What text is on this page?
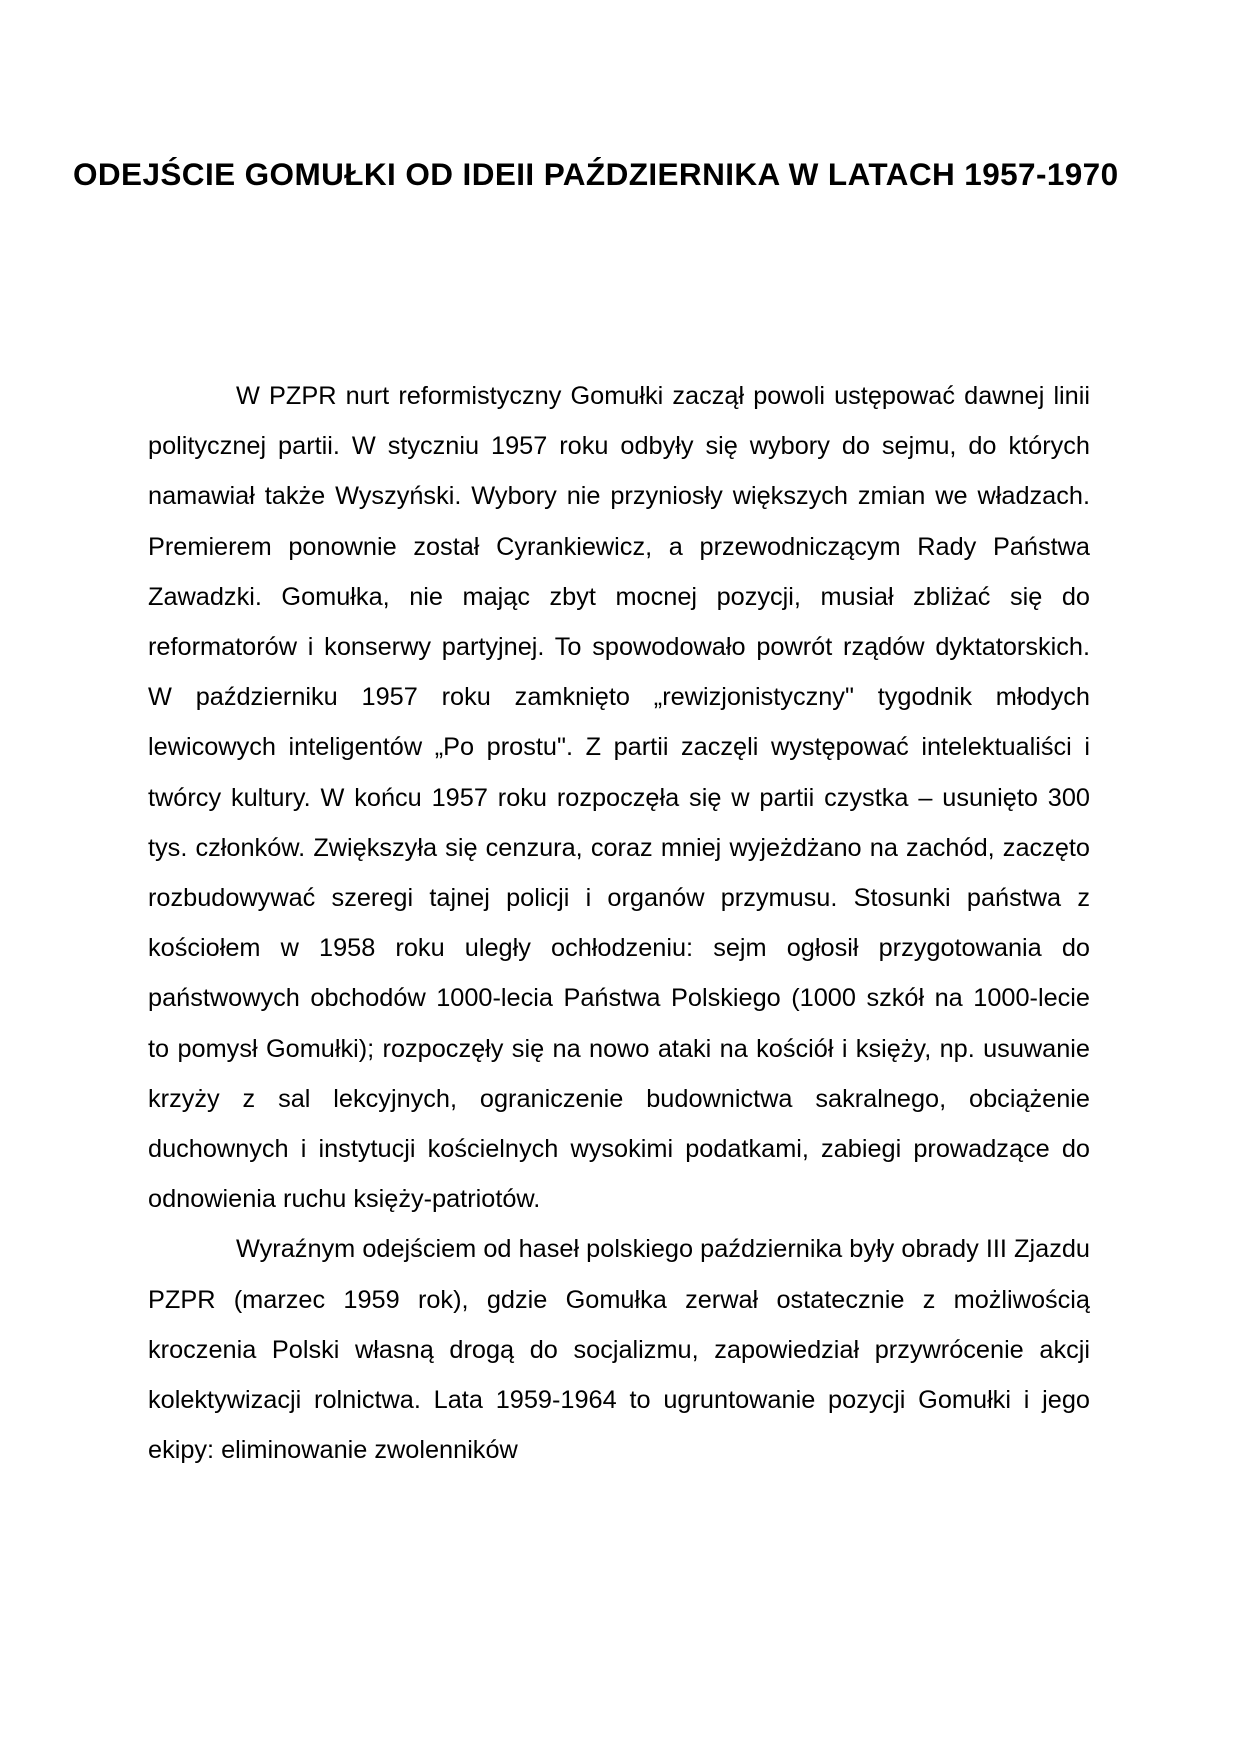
ODEJŚCIE GOMUŁKI OD IDEII PAŹDZIERNIKA W LATACH 1957-1970

W PZPR nurt reformistyczny Gomułki zaczął powoli ustępować dawnej linii politycznej partii. W styczniu 1957 roku odbyły się wybory do sejmu, do których namawiał także Wyszyński. Wybory nie przyniosły większych zmian we władzach. Premierem ponownie został Cyrankiewicz, a przewodniczącym Rady Państwa Zawadzki. Gomułka, nie mając zbyt mocnej pozycji, musiał zbliżać się do reformatorów i konserwy partyjnej. To spowodowało powrót rządów dyktatorskich. W październiku 1957 roku zamknięto „rewizjonistyczny" tygodnik młodych lewicowych inteligentów „Po prostu". Z partii zaczęli występować intelektualiści i twórcy kultury. W końcu 1957 roku rozpoczęła się w partii czystka – usunięto 300 tys. członków. Zwiększyła się cenzura, coraz mniej wyjeżdżano na zachód, zaczęto rozbudowywać szeregi tajnej policji i organów przymusu. Stosunki państwa z kościołem w 1958 roku uległy ochłodzeniu: sejm ogłosił przygotowania do państwowych obchodów 1000-lecia Państwa Polskiego (1000 szkół na 1000-lecie to pomysł Gomułki); rozpoczęły się na nowo ataki na kościół i księży, np. usuwanie krzyży z sal lekcyjnych, ograniczenie budownictwa sakralnego, obciążenie duchownych i instytucji kościelnych wysokimi podatkami, zabiegi prowadzące do odnowienia ruchu księży-patriotów.

Wyraźnym odejściem od haseł polskiego października były obrady III Zjazdu PZPR (marzec 1959 rok), gdzie Gomułka zerwał ostatecznie z możliwością kroczenia Polski własną drogą do socjalizmu, zapowiedział przywrócenie akcji kolektywizacji rolnictwa. Lata 1959-1964 to ugruntowanie pozycji Gomułki i jego ekipy: eliminowanie zwolenników
